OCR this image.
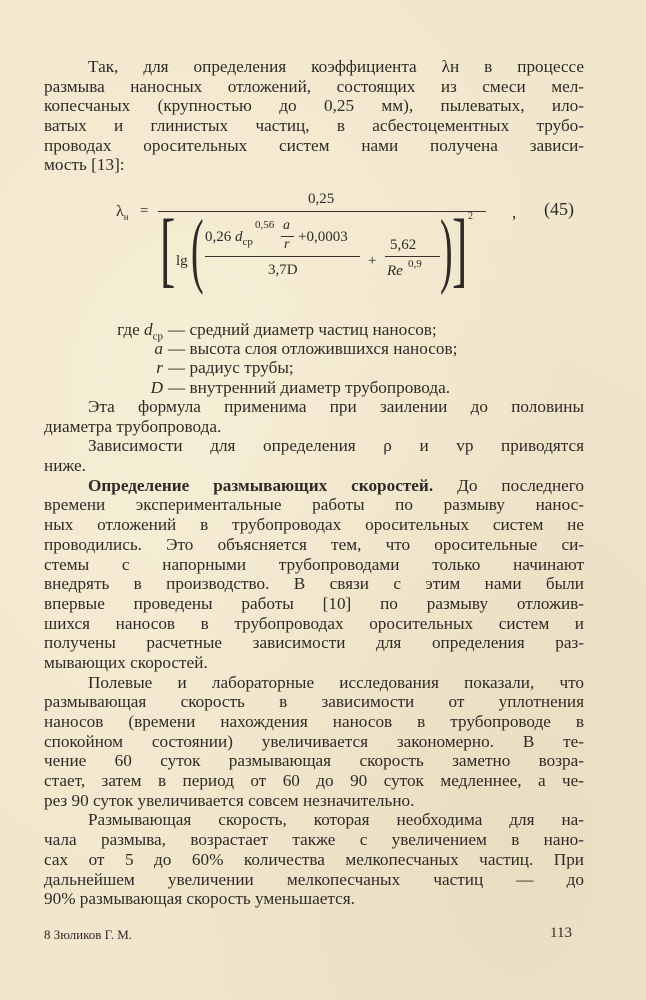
Так, для определения коэффициента λн в процессе
размыва наносных отложений, состоящих из смеси мел-
копесчаных (крупностью до 0,25 мм), пылеватых, ило-
ватых и глинистых частиц, в асбестоцементных трубо-
проводах оросительных систем нами получена зависи-
мость [13]:
$\lambda_н$ =
0,25
[ lg ( 0,26 $d_{ср}$
0,56 a
r +0,0003
3,7D
+
5,62
Re 0,9 ) ] 2 , (45)
где $d_{ср}$ — средний диаметр частиц наносов;
a — высота слоя отложившихся наносов;
r — радиус трубы;
D — внутренний диаметр трубопровода.
Эта формула применима при заилении до половины
диаметра трубопровода.
Зависимости для определения ρ и vр приводятся
ниже.
Определение размывающих скоростей. До последнего
времени экспериментальные работы по размыву нанос-
ных отложений в трубопроводах оросительных систем не
проводились. Это объясняется тем, что оросительные си-
стемы с напорными трубопроводами только начинают
внедрять в производство. В связи с этим нами были
впервые проведены работы [10] по размыву отложив-
шихся наносов в трубопроводах оросительных систем и
получены расчетные зависимости для определения раз-
мывающих скоростей.
Полевые и лабораторные исследования показали, что
размывающая скорость в зависимости от уплотнения
наносов (времени нахождения наносов в трубопроводе в
спокойном состоянии) увеличивается закономерно. В те-
чение 60 суток размывающая скорость заметно возра-
стает, затем в период от 60 до 90 суток медленнее, а че-
рез 90 суток увеличивается совсем незначительно.
Размывающая скорость, которая необходима для на-
чала размыва, возрастает также с увеличением в нано-
сах от 5 до 60% количества мелкопесчаных частиц. При
дальнейшем увеличении мелкопесчаных частиц — до
90% размывающая скорость уменьшается.
8 Зюликов Г. М.	113
